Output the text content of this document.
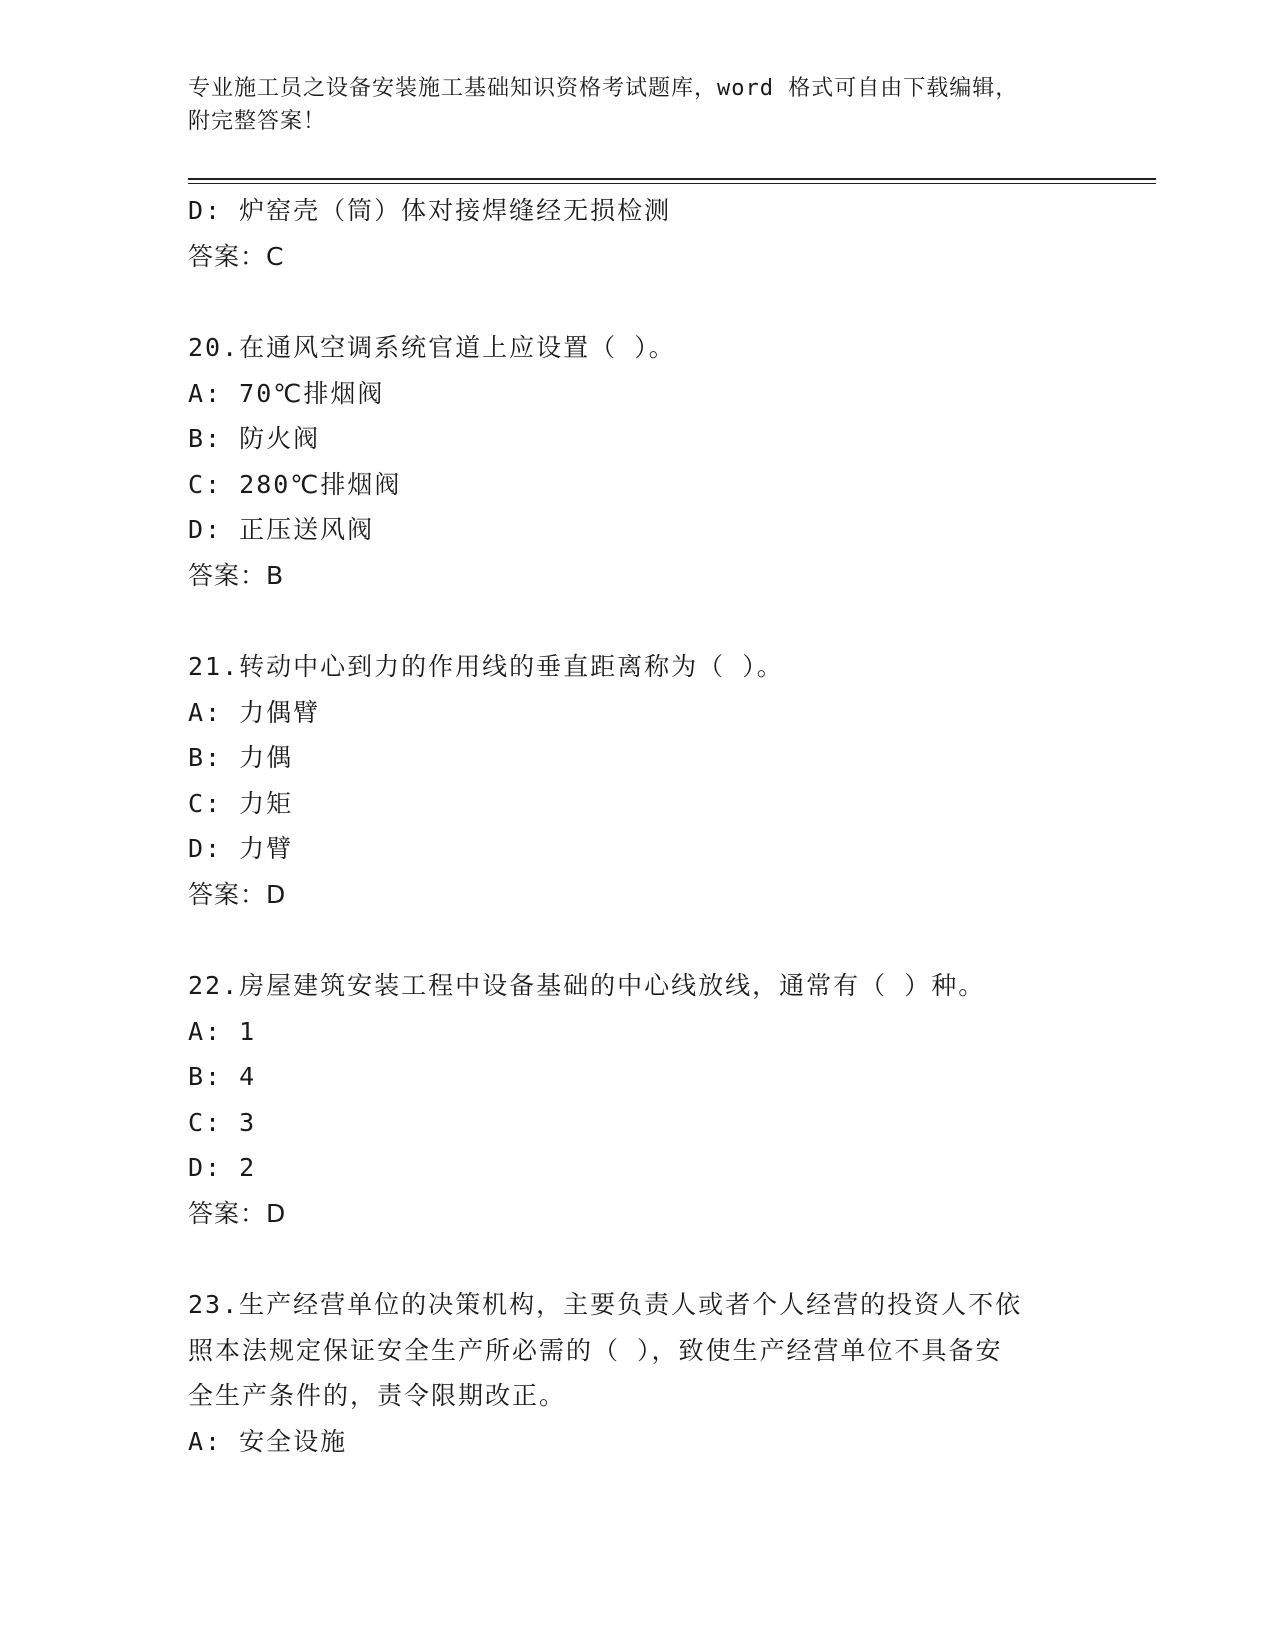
专业施工员之设备安装施工基础知识资格考试题库，word 格式可自由下载编辑，
附完整答案！
D: 炉窑壳（筒）体对接焊缝经无损检测
答案：C
20.在通风空调系统官道上应设置（ ）。
A: 70℃排烟阀
B: 防火阀
C: 280℃排烟阀
D: 正压送风阀
答案：B
21.转动中心到力的作用线的垂直距离称为（ ）。
A: 力偶臂
B: 力偶
C: 力矩
D: 力臂
答案：D
22.房屋建筑安装工程中设备基础的中心线放线，通常有（ ）种。
A: 1
B: 4
C: 3
D: 2
答案：D
23.生产经营单位的决策机构，主要负责人或者个人经营的投资人不依
照本法规定保证安全生产所必需的（ ），致使生产经营单位不具备安
全生产条件的，责令限期改正。
A: 安全设施
